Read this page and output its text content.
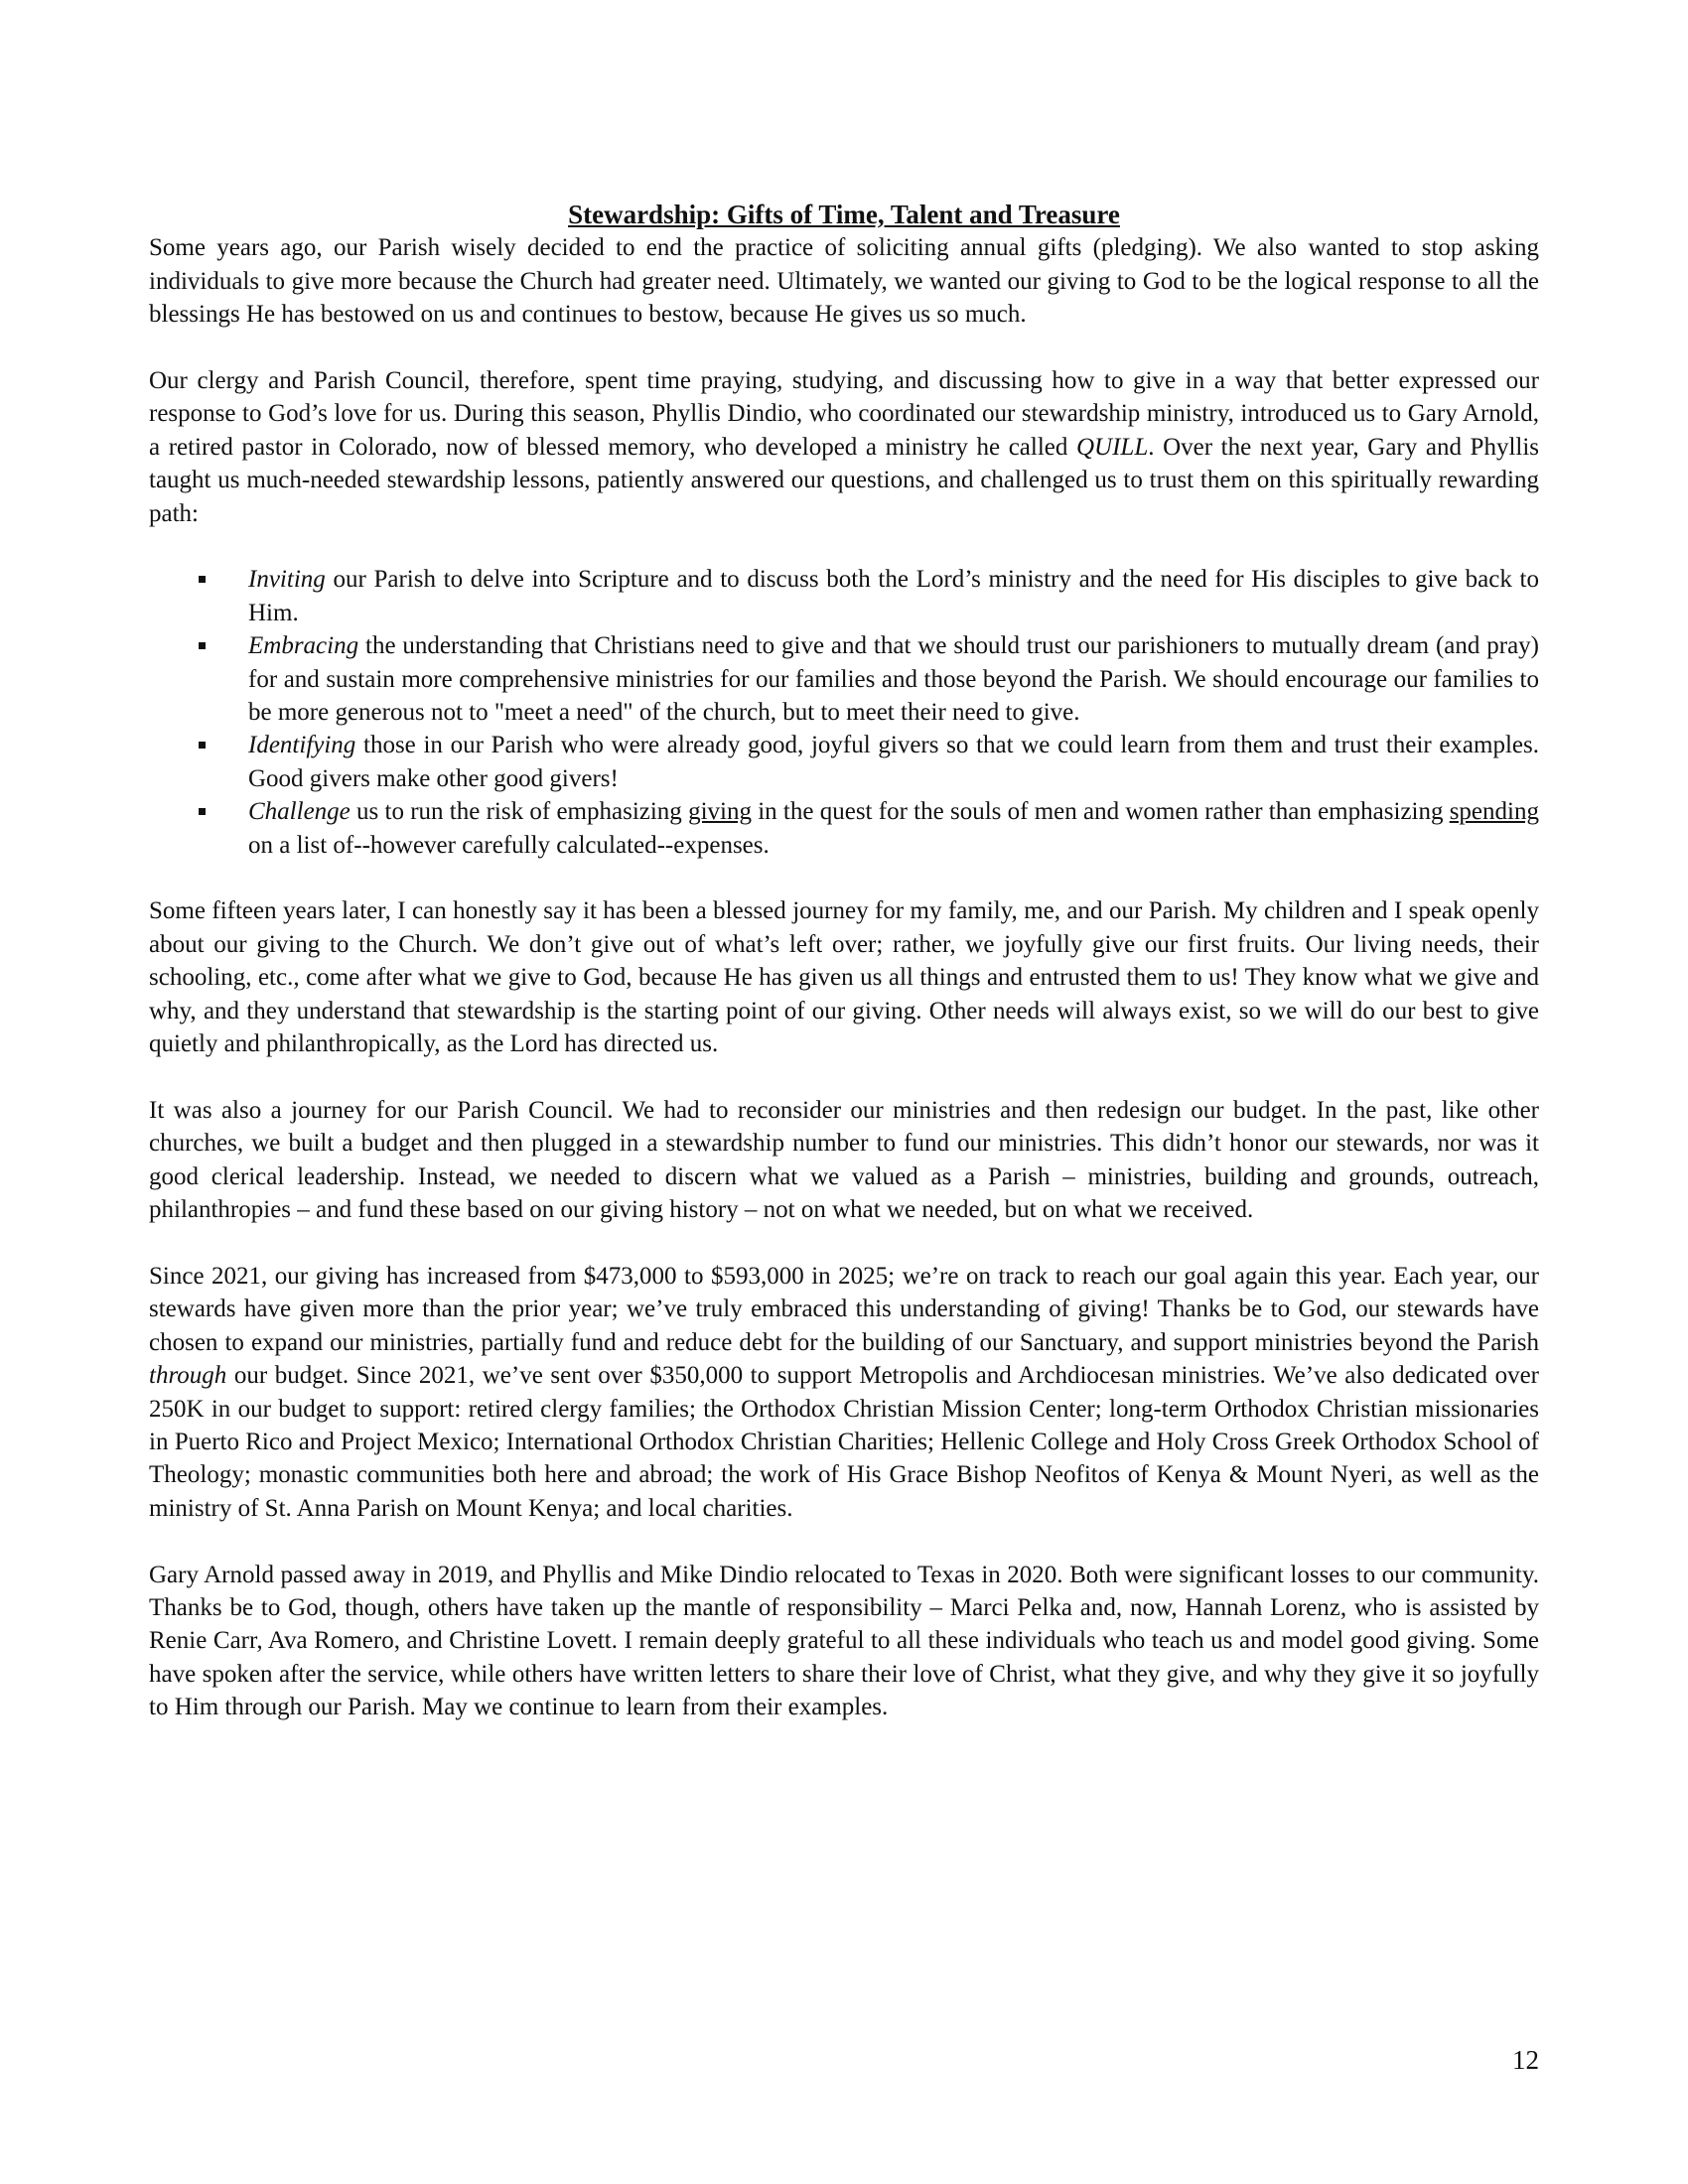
Stewardship: Gifts of Time, Talent and Treasure

Some years ago, our Parish wisely decided to end the practice of soliciting annual gifts (pledging). We also wanted to stop asking individuals to give more because the Church had greater need. Ultimately, we wanted our giving to God to be the logical response to all the blessings He has bestowed on us and continues to bestow, because He gives us so much.

Our clergy and Parish Council, therefore, spent time praying, studying, and discussing how to give in a way that better expressed our response to God’s love for us. During this season, Phyllis Dindio, who coordinated our stewardship ministry, introduced us to Gary Arnold, a retired pastor in Colorado, now of blessed memory, who developed a ministry he called QUILL. Over the next year, Gary and Phyllis taught us much-needed stewardship lessons, patiently answered our questions, and challenged us to trust them on this spiritually rewarding path:

Inviting our Parish to delve into Scripture and to discuss both the Lord’s ministry and the need for His disciples to give back to Him.
Embracing the understanding that Christians need to give and that we should trust our parishioners to mutually dream (and pray) for and sustain more comprehensive ministries for our families and those beyond the Parish. We should encourage our families to be more generous not to "meet a need" of the church, but to meet their need to give.
Identifying those in our Parish who were already good, joyful givers so that we could learn from them and trust their examples. Good givers make other good givers!
Challenge us to run the risk of emphasizing giving in the quest for the souls of men and women rather than emphasizing spending on a list of--however carefully calculated--expenses.

Some fifteen years later, I can honestly say it has been a blessed journey for my family, me, and our Parish. My children and I speak openly about our giving to the Church. We don’t give out of what’s left over; rather, we joyfully give our first fruits. Our living needs, their schooling, etc., come after what we give to God, because He has given us all things and entrusted them to us! They know what we give and why, and they understand that stewardship is the starting point of our giving. Other needs will always exist, so we will do our best to give quietly and philanthropically, as the Lord has directed us.

It was also a journey for our Parish Council. We had to reconsider our ministries and then redesign our budget. In the past, like other churches, we built a budget and then plugged in a stewardship number to fund our ministries. This didn’t honor our stewards, nor was it good clerical leadership. Instead, we needed to discern what we valued as a Parish – ministries, building and grounds, outreach, philanthropies – and fund these based on our giving history – not on what we needed, but on what we received.

Since 2021, our giving has increased from $473,000 to $593,000 in 2025; we’re on track to reach our goal again this year. Each year, our stewards have given more than the prior year; we’ve truly embraced this understanding of giving! Thanks be to God, our stewards have chosen to expand our ministries, partially fund and reduce debt for the building of our Sanctuary, and support ministries beyond the Parish through our budget. Since 2021, we’ve sent over $350,000 to support Metropolis and Archdiocesan ministries. We’ve also dedicated over 250K in our budget to support: retired clergy families; the Orthodox Christian Mission Center; long-term Orthodox Christian missionaries in Puerto Rico and Project Mexico; International Orthodox Christian Charities; Hellenic College and Holy Cross Greek Orthodox School of Theology; monastic communities both here and abroad; the work of His Grace Bishop Neofitos of Kenya & Mount Nyeri, as well as the ministry of St. Anna Parish on Mount Kenya; and local charities.

Gary Arnold passed away in 2019, and Phyllis and Mike Dindio relocated to Texas in 2020. Both were significant losses to our community. Thanks be to God, though, others have taken up the mantle of responsibility – Marci Pelka and, now, Hannah Lorenz, who is assisted by Renie Carr, Ava Romero, and Christine Lovett. I remain deeply grateful to all these individuals who teach us and model good giving. Some have spoken after the service, while others have written letters to share their love of Christ, what they give, and why they give it so joyfully to Him through our Parish. May we continue to learn from their examples.

12
